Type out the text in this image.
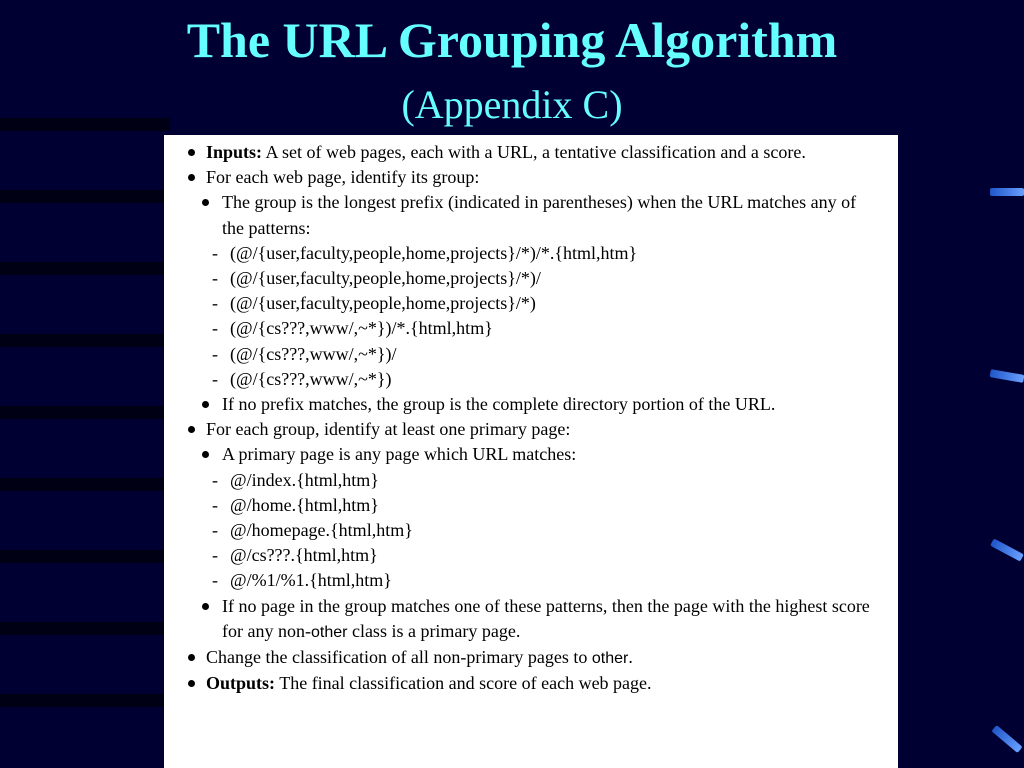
The URL Grouping Algorithm
(Appendix C)
Inputs: A set of web pages, each with a URL, a tentative classification and a score.
For each web page, identify its group:
The group is the longest prefix (indicated in parentheses) when the URL matches any of the patterns:
- (@/{user,faculty,people,home,projects}/*)/*.{html,htm}
- (@/{user,faculty,people,home,projects}/*)/
- (@/{user,faculty,people,home,projects}/*)
- (@/{cs???,www/,~*})/*.{html,htm}
- (@/{cs???,www/,~*})/
- (@/{cs???,www/,~*})
If no prefix matches, the group is the complete directory portion of the URL.
For each group, identify at least one primary page:
A primary page is any page which URL matches:
- @/index.{html,htm}
- @/home.{html,htm}
- @/homepage.{html,htm}
- @/cs???.{html,htm}
- @/%1/%1.{html,htm}
If no page in the group matches one of these patterns, then the page with the highest score for any non-other class is a primary page.
Change the classification of all non-primary pages to other.
Outputs: The final classification and score of each web page.
